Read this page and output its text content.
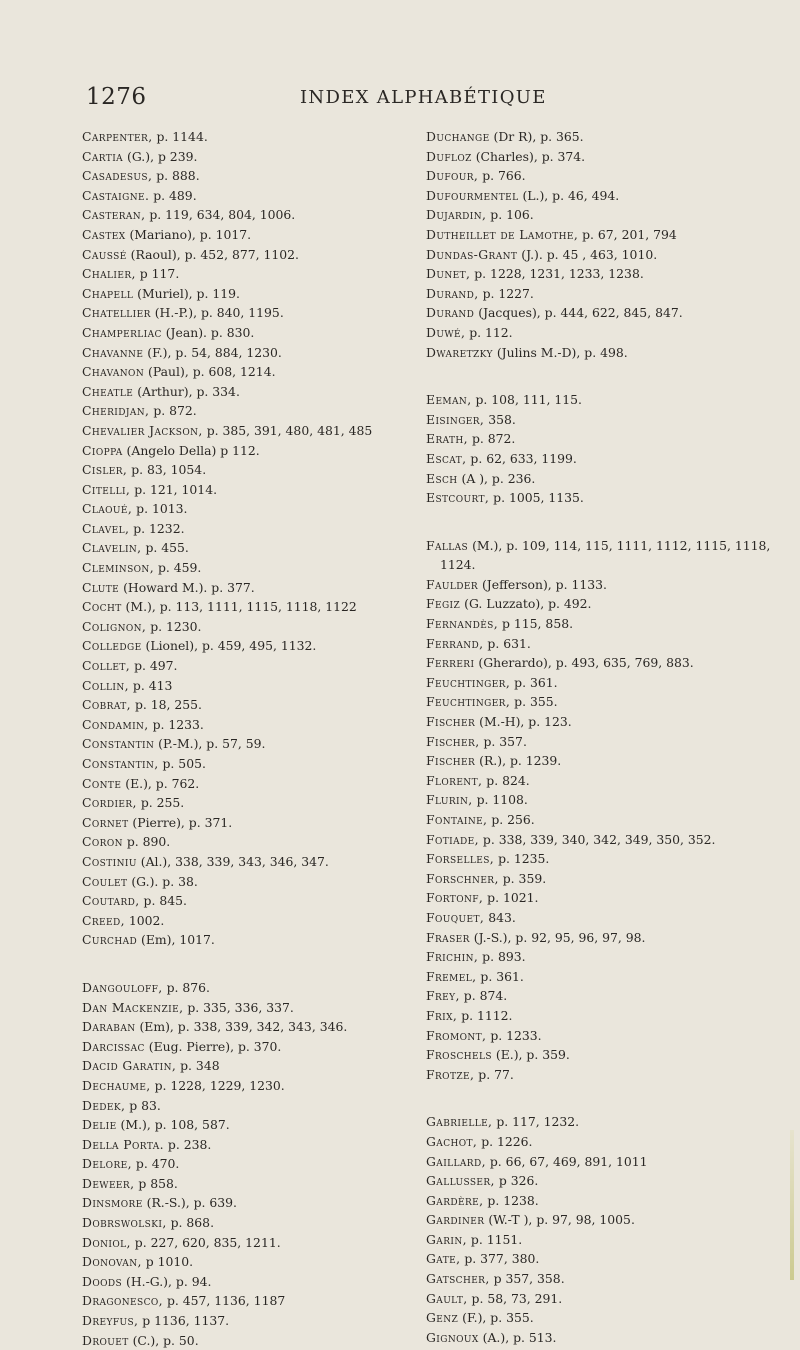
1276	INDEX ALPHABÉTIQUE
Carpenter, p. 1144.
Cartia (G.), p 239.
Casadesus, p. 888.
Castaigne. p. 489.
Casteran, p. 119, 634, 804, 1006.
Castex (Mariano), p. 1017.
Caussé (Raoul), p. 452, 877, 1102.
Chalier, p 117.
Chapell (Muriel), p. 119.
Chatellier (H.-P.), p. 840, 1195.
Champerliac (Jean). p. 830.
Chavanne (F.), p. 54, 884, 1230.
Chavanon (Paul), p. 608, 1214.
Cheatle (Arthur), p. 334.
Cheridjan, p. 872.
Chevalier Jackson, p. 385, 391, 480, 481, 485
Cioppa (Angelo Della) p 112.
Cisler, p. 83, 1054.
Citelli, p. 121, 1014.
Claoué, p. 1013.
Clavel, p. 1232.
Clavelin, p. 455.
Cleminson, p. 459.
Clute (Howard M.). p. 377.
Cocht (M.), p. 113, 1111, 1115, 1118, 1122
Colignon, p. 1230.
Colledge (Lionel), p. 459, 495, 1132.
Collet, p. 497.
Collin, p. 413
Cobrat, p. 18, 255.
Condamin, p. 1233.
Constantin (P.-M.), p. 57, 59.
Constantin, p. 505.
Conte (E.), p. 762.
Cordier, p. 255.
Cornet (Pierre), p. 371.
Coron p. 890.
Costiniu (Al.), 338, 339, 343, 346, 347.
Coulet (G.). p. 38.
Coutard, p. 845.
Creed, 1002.
Curchad (Em), 1017.
Dangouloff, p. 876.
Dan Mackenzie, p. 335, 336, 337.
Daraban (Em), p. 338, 339, 342, 343, 346.
Darcissac (Eug. Pierre), p. 370.
Dacid Garatin, p. 348
Dechaume, p. 1228, 1229, 1230.
Dedek, p 83.
Delie (M.), p. 108, 587.
Della Porta. p. 238.
Delore, p. 470.
Deweer, p 858.
Dinsmore (R.-S.), p. 639.
Dobrswolski, p. 868.
Doniol, p. 227, 620, 835, 1211.
Donovan, p 1010.
Doods (H.-G.), p. 94.
Dragonesco, p. 457, 1136, 1187
Dreyfus, p 1136, 1137.
Drouet (C.), p. 50.
Duchange (Dr R), p. 365.
Dufloz (Charles), p. 374.
Dufour, p. 766.
Dufourmentel (L.), p. 46, 494.
Dujardin, p. 106.
Dutheillet de Lamothe, p. 67, 201, 794
Dundas-Grant (J.). p. 45 , 463, 1010.
Dunet, p. 1228, 1231, 1233, 1238.
Durand, p. 1227.
Durand (Jacques), p. 444, 622, 845, 847.
Duwé, p. 112.
Dwaretzky (Julins M.-D), p. 498.
Eeman, p. 108, 111, 115.
Eisinger, 358.
Erath, p. 872.
Escat, p. 62, 633, 1199.
Esch (A ), p. 236.
Estcourt, p. 1005, 1135.
Fallas (M.), p. 109, 114, 115, 1111, 1112, 1115, 1118, 1124.
Faulder (Jefferson), p. 1133.
Fegiz (G. Luzzato), p. 492.
Fernandès, p 115, 858.
Ferrand, p. 631.
Ferreri (Gherardo), p. 493, 635, 769, 883.
Feuchtinger, p. 361.
Feuchtinger, p. 355.
Fischer (M.-H), p. 123.
Fischer, p. 357.
Fischer (R.), p. 1239.
Florent, p. 824.
Flurin, p. 1108.
Fontaine, p. 256.
Fotiade, p. 338, 339, 340, 342, 349, 350, 352.
Forselles, p. 1235.
Forschner, p. 359.
Fortonf, p. 1021.
Fouquet, 843.
Fraser (J.-S.), p. 92, 95, 96, 97, 98.
Frichin, p. 893.
Fremel, p. 361.
Frey, p. 874.
Frix, p. 1112.
Fromont, p. 1233.
Froschels (E.), p. 359.
Frotze, p. 77.
Gabrielle, p. 117, 1232.
Gachot, p. 1226.
Gaillard, p. 66, 67, 469, 891, 1011
Gallusser, p 326.
Gardère, p. 1238.
Gardiner (W.-T ), p. 97, 98, 1005.
Garin, p. 1151.
Gate, p. 377, 380.
Gatscher, p 357, 358.
Gault, p. 58, 73, 291.
Genz (F.), p. 355.
Gignoux (A.), p. 513.
